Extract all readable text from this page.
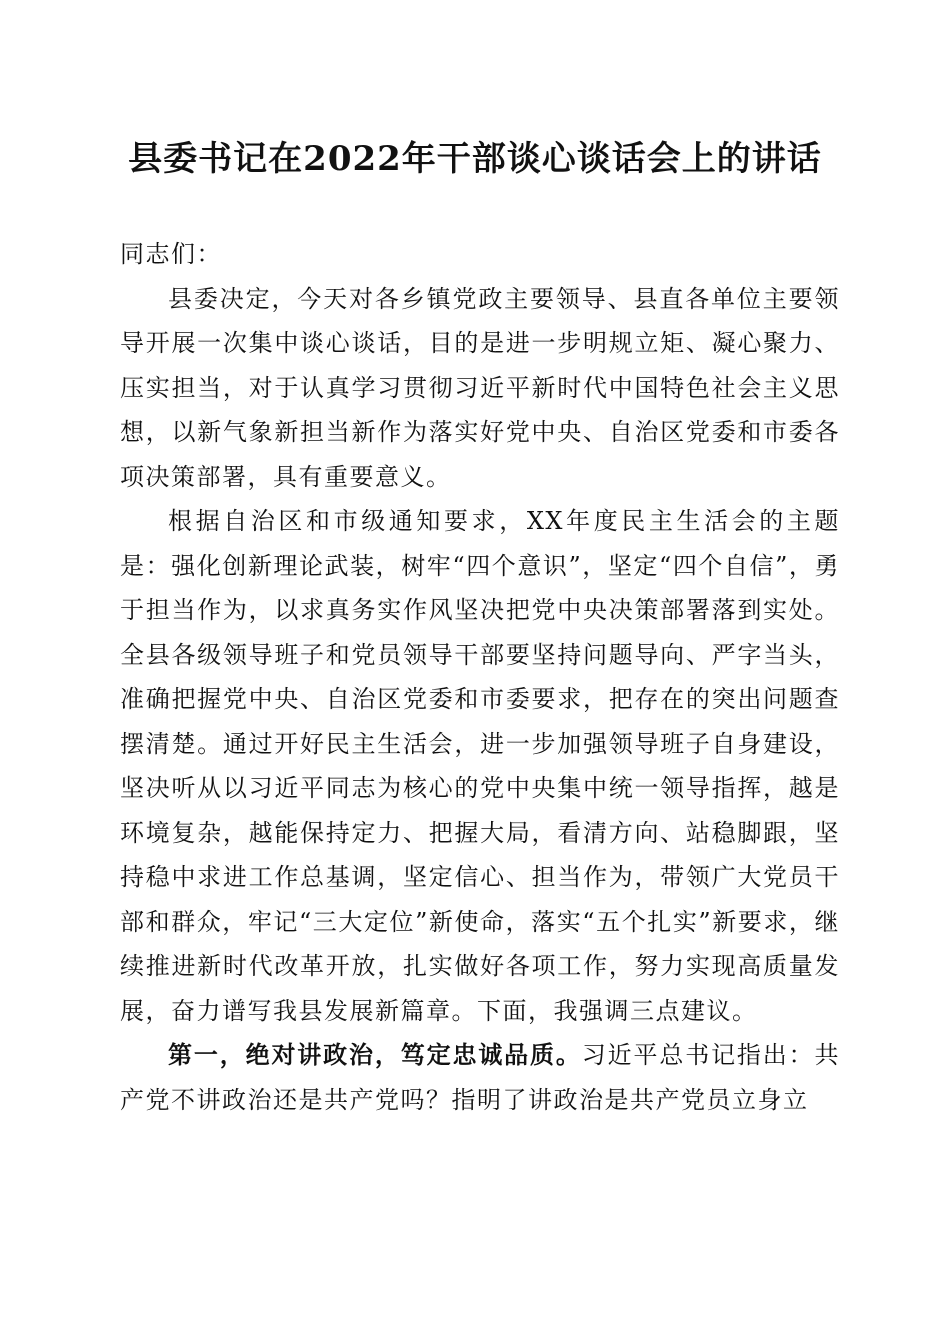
县委书记在2022年干部谈心谈话会上的讲话

同志们：

县委决定，今天对各乡镇党政主要领导、县直各单位主要领导开展一次集中谈心谈话，目的是进一步明规立矩、凝心聚力、压实担当，对于认真学习贯彻习近平新时代中国特色社会主义思想，以新气象新担当新作为落实好党中央、自治区党委和市委各项决策部署，具有重要意义。

根据自治区和市级通知要求，XX年度民主生活会的主题是：强化创新理论武装，树牢“四个意识”，坚定“四个自信”，勇于担当作为，以求真务实作风坚决把党中央决策部署落到实处。全县各级领导班子和党员领导干部要坚持问题导向、严字当头，准确把握党中央、自治区党委和市委要求，把存在的突出问题查摆清楚。通过开好民主生活会，进一步加强领导班子自身建设，坚决听从以习近平同志为核心的党中央集中统一领导指挥，越是环境复杂，越能保持定力、把握大局，看清方向、站稳脚跟，坚持稳中求进工作总基调，坚定信心、担当作为，带领广大党员干部和群众，牢记“三大定位”新使命，落实“五个扎实”新要求，继续推进新时代改革开放，扎实做好各项工作，努力实现高质量发展，奋力谱写我县发展新篇章。下面，我强调三点建议。

第一，绝对讲政治，笃定忠诚品质。习近平总书记指出：共产党不讲政治还是共产党吗？指明了讲政治是共产党员立身立
